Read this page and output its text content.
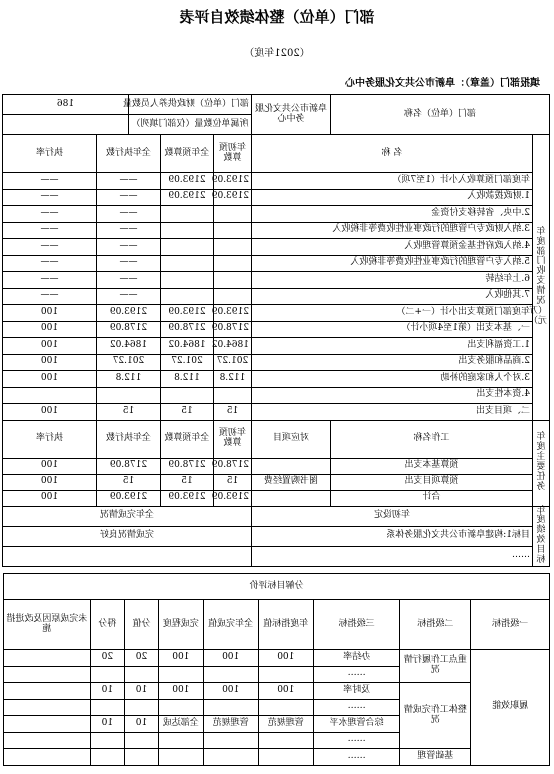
部门（单位）整体绩效自评表
（2021年度）
填报部门（盖章）：阜新市公共文化服务中心
部门（单位）名称		阜新市公共文化服务中心	部门（单位）财政供养人员数量			186	
			所属单位数量（仅部门填列）				
年度部门收支情况（万元）	名 称		年初预算数	全年预算数	全年执行数		执行率
	年度部门预算收入小计（1至7项）		2193.09	2193.09	——		——
	1.财政拨款收入		2193.09	2193.09	——		——
	2.中央、省转移支付资金				——		——
	3.纳入财政专户管理的行政事业性收费等非税收入				——		——
	4.纳入政府性基金预算管理收入				——		——
	5.纳入专户管理的行政事业性收费等非税收入				——		——
	6.上年结转				——		——
	7.其他收入				——		——
	年度部门预算支出小计（一+二）		2193.09	2193.09	2193.09		100
	一、基本支出（第1至4项小计）		2178.09	2178.09	2178.09		100
	1.工资福利支出		1864.02	1864.02	1864.02		100
	2.商品和服务支出		201.27	201.27	201.27		100
	3.对个人和家庭的补助		112.8	112.8	112.8		100
	4.资本性支出						
	二、项目支出		15	15	15		100
年度主要任务	工作名称	对应项目	年初预算数	全年预算数	全年执行数		执行率
	预算基本支出		2178.09	2178.09	2178.09		100
	预算项目支出	图书购置经费	15	15	15		100
	合计		2193.09	2193.09	2193.09		100
年度绩效目标	年初设定		全年完成情况				
	目标1:构建阜新市公共文化服务体系		完成情况良好				
	……						
分解目标评价								
一级指标	二级指标	三级指标	年度指标值	全年完成值	完成程度	分值	得分	未完成原因及改进措施
履职效能	重点工作履行情况	办结率	100	100	100	20	20	
		……						
	整体工作完成情况	及时率	100	100	100	10	10	
		……						
		综合管理水平	管理规范	管理规范	全部达成	10	10	
		……						
	基础管理	……						
